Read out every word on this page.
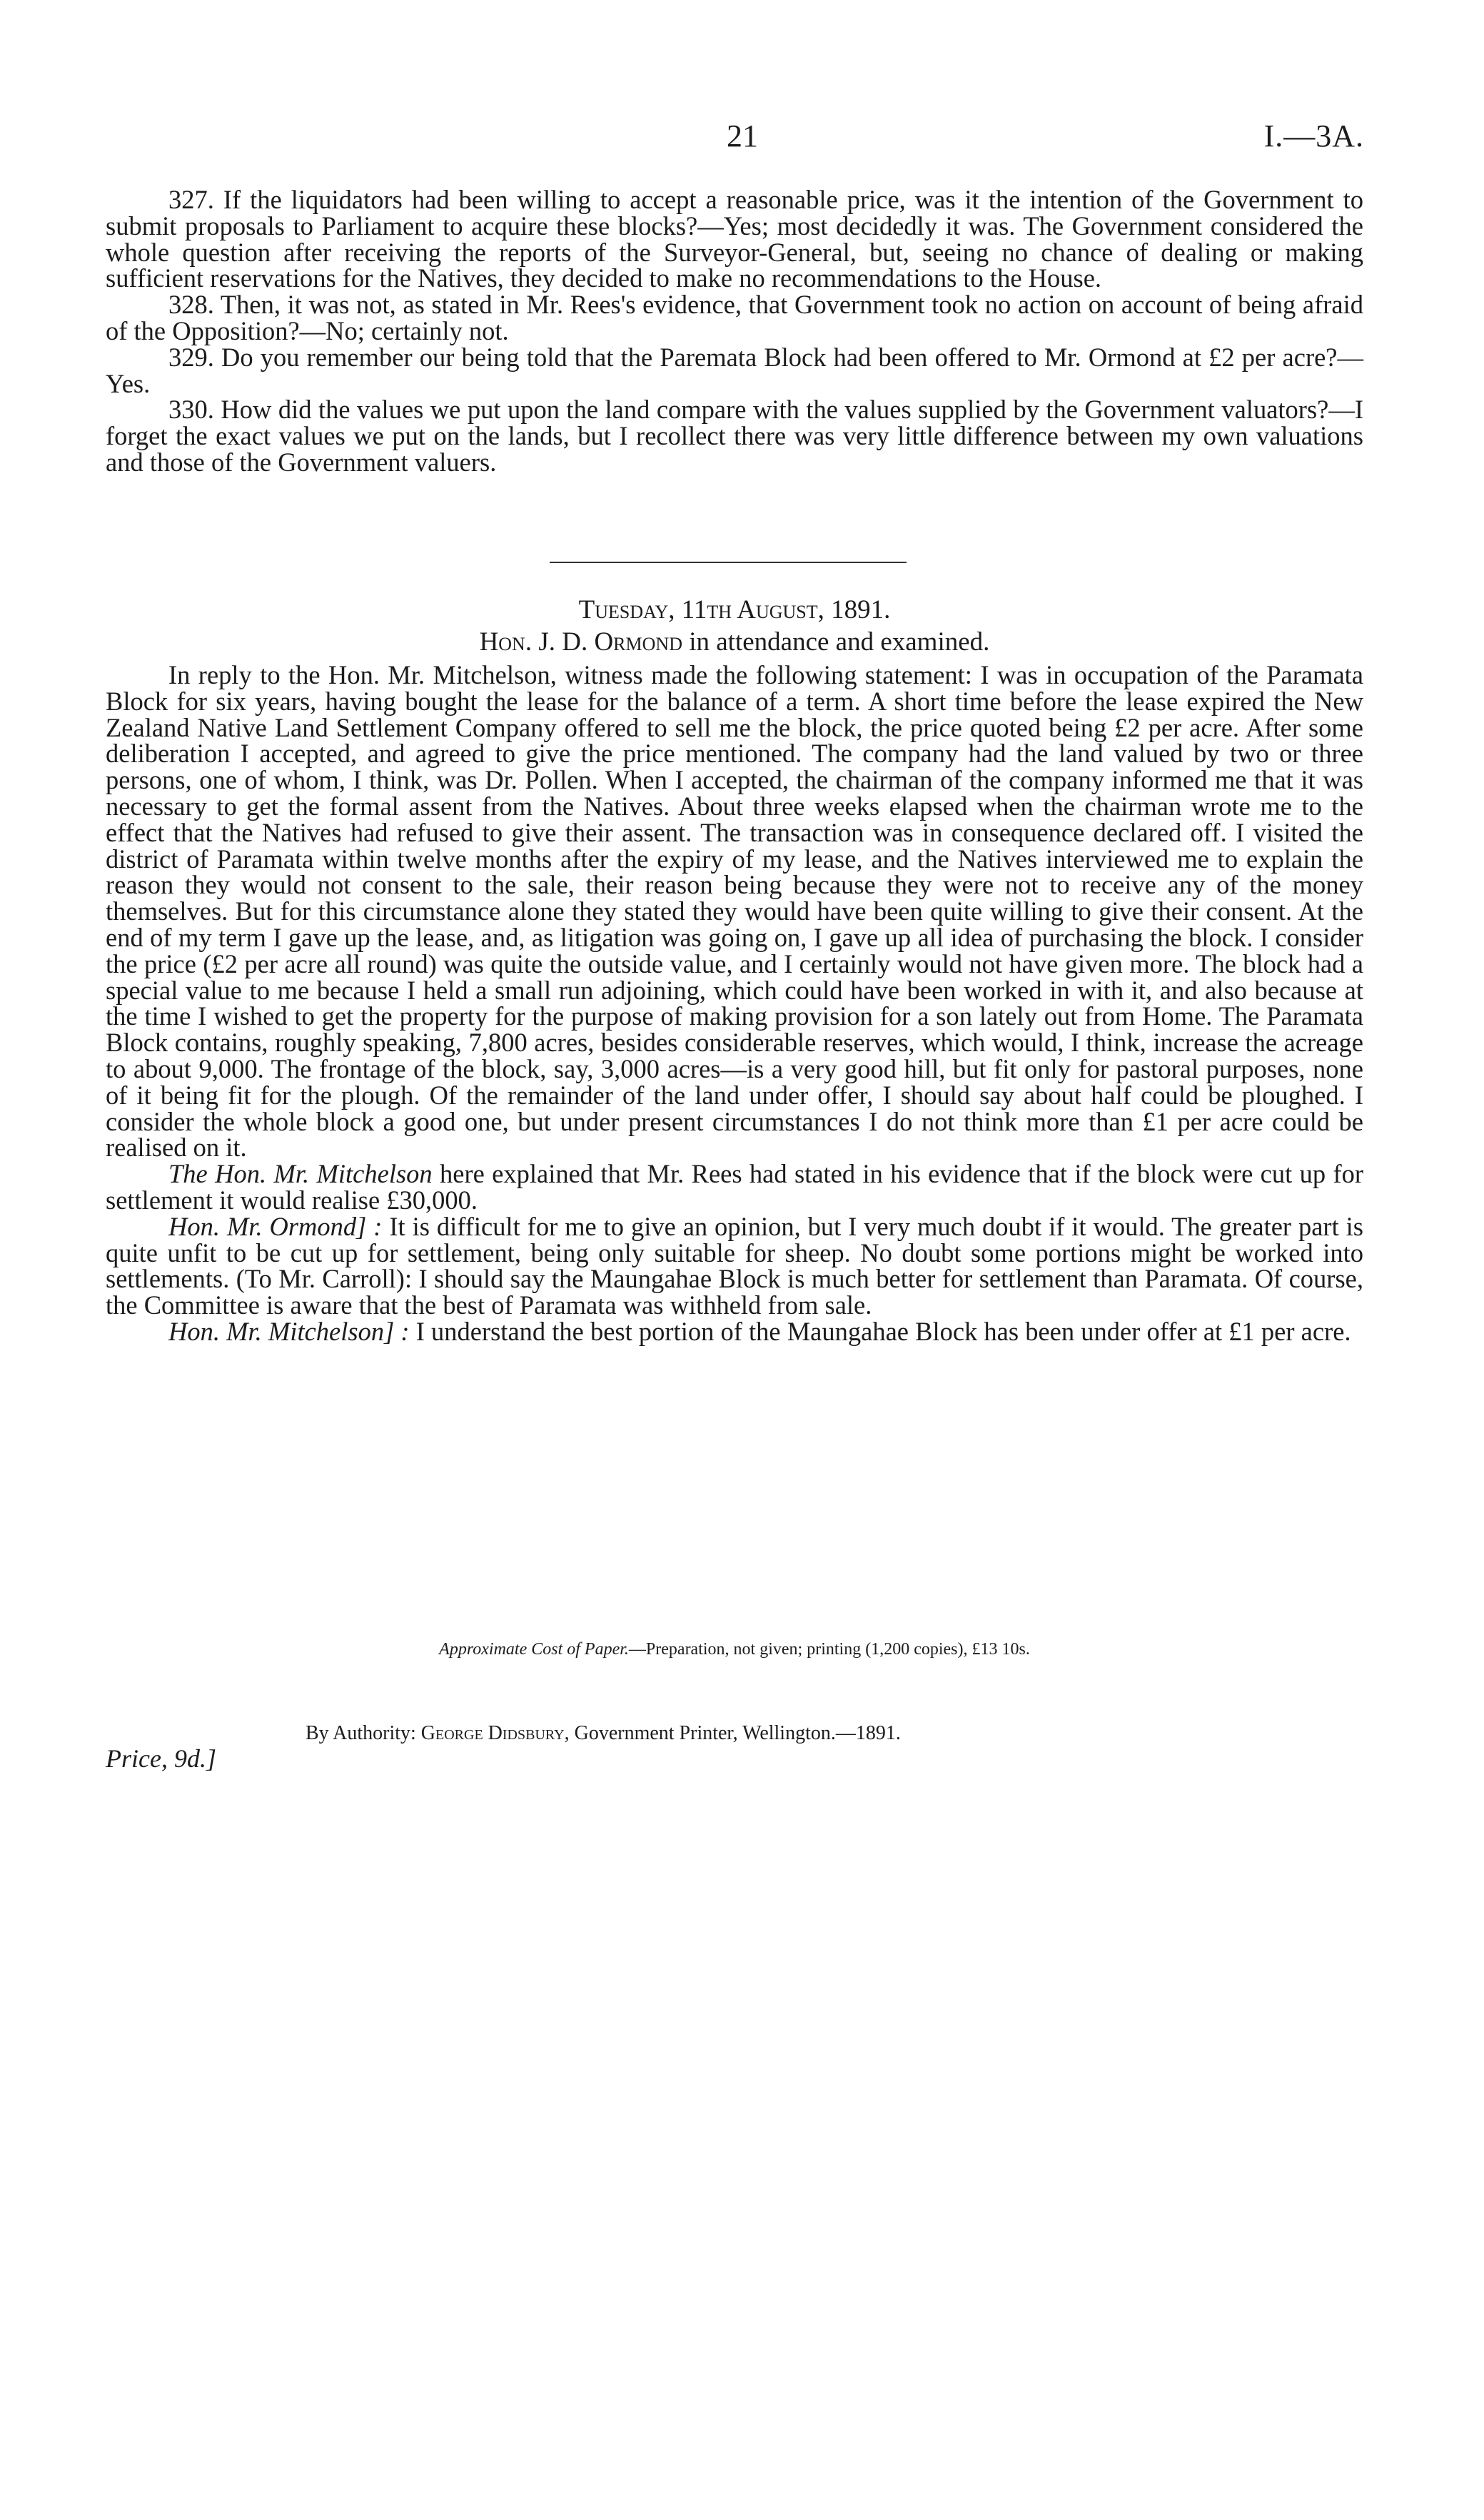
21	I.—3A.

327. If the liquidators had been willing to accept a reasonable price, was it the intention of the Government to submit proposals to Parliament to acquire these blocks?—Yes; most decidedly it was. The Government considered the whole question after receiving the reports of the Surveyor-General, but, seeing no chance of dealing or making sufficient reservations for the Natives, they decided to make no recommendations to the House.

328. Then, it was not, as stated in Mr. Rees's evidence, that Government took no action on account of being afraid of the Opposition?—No; certainly not.

329. Do you remember our being told that the Paremata Block had been offered to Mr. Ormond at £2 per acre?—Yes.

330. How did the values we put upon the land compare with the values supplied by the Government valuators?—I forget the exact values we put on the lands, but I recollect there was very little difference between my own valuations and those of the Government valuers.

Tuesday, 11th August, 1891.
Hon. J. D. Ormond in attendance and examined.

In reply to the Hon. Mr. Mitchelson, witness made the following statement: I was in occupation of the Paramata Block for six years, having bought the lease for the balance of a term. A short time before the lease expired the New Zealand Native Land Settlement Company offered to sell me the block, the price quoted being £2 per acre. After some deliberation I accepted, and agreed to give the price mentioned. The company had the land valued by two or three persons, one of whom, I think, was Dr. Pollen. When I accepted, the chairman of the company informed me that it was necessary to get the formal assent from the Natives. About three weeks elapsed when the chairman wrote me to the effect that the Natives had refused to give their assent. The transaction was in consequence declared off. I visited the district of Paramata within twelve months after the expiry of my lease, and the Natives interviewed me to explain the reason they would not consent to the sale, their reason being because they were not to receive any of the money themselves. But for this circumstance alone they stated they would have been quite willing to give their consent. At the end of my term I gave up the lease, and, as litigation was going on, I gave up all idea of purchasing the block. I consider the price (£2 per acre all round) was quite the outside value, and I certainly would not have given more. The block had a special value to me because I held a small run adjoining, which could have been worked in with it, and also because at the time I wished to get the property for the purpose of making provision for a son lately out from Home. The Paramata Block contains, roughly speaking, 7,800 acres, besides considerable reserves, which would, I think, increase the acreage to about 9,000. The frontage of the block, say, 3,000 acres—is a very good hill, but fit only for pastoral purposes, none of it being fit for the plough. Of the remainder of the land under offer, I should say about half could be ploughed. I consider the whole block a good one, but under present circumstances I do not think more than £1 per acre could be realised on it.

The Hon. Mr. Mitchelson here explained that Mr. Rees had stated in his evidence that if the block were cut up for settlement it would realise £30,000.

Hon. Mr. Ormond] : It is difficult for me to give an opinion, but I very much doubt if it would. The greater part is quite unfit to be cut up for settlement, being only suitable for sheep. No doubt some portions might be worked into settlements. (To Mr. Carroll): I should say the Maungahae Block is much better for settlement than Paramata. Of course, the Committee is aware that the best of Paramata was withheld from sale.

Hon. Mr. Mitchelson] : I understand the best portion of the Maungahae Block has been under offer at £1 per acre.

Approximate Cost of Paper.—Preparation, not given; printing (1,200 copies), £13 10s.
By Authority: George Didsbury, Government Printer, Wellington.—1891.
Price, 9d.]
